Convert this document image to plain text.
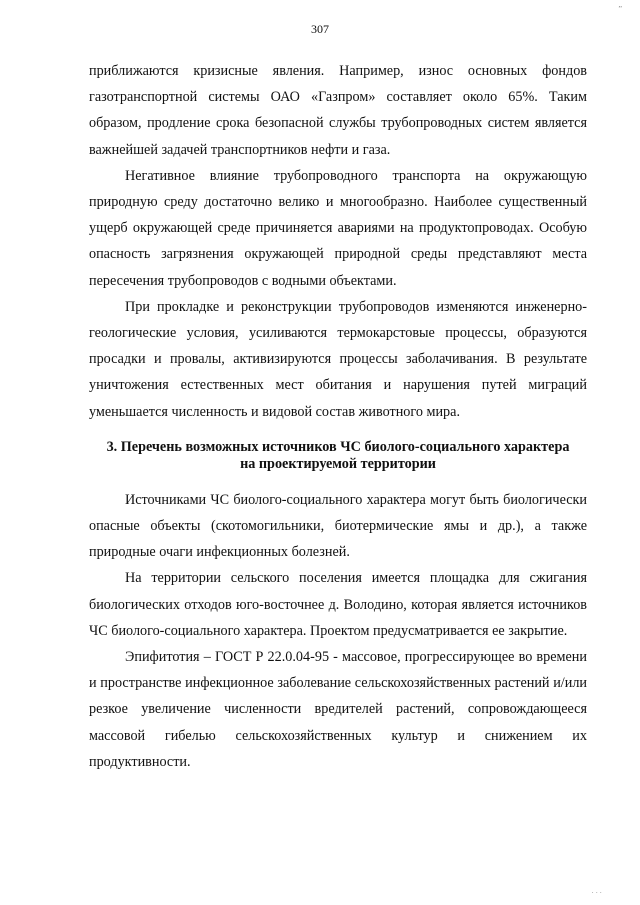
,,
307

приближаются кризисные явления. Например, износ основных фондов газотранспортной системы ОАО «Газпром» составляет около 65%. Таким образом, продление срока безопасной службы трубопроводных систем является важнейшей задачей транспортников нефти и газа.

Негативное влияние трубопроводного транспорта на окружающую природную среду достаточно велико и многообразно. Наиболее существенный ущерб окружающей среде причиняется авариями на продуктопроводах. Особую опасность загрязнения окружающей природной среды представляют места пересечения трубопроводов с водными объектами.

При прокладке и реконструкции трубопроводов изменяются инженерно- геологические условия, усиливаются термокарстовые процессы, образуются просадки и провалы, активизируются процессы заболачивания. В результате уничтожения естественных мест обитания и нарушения путей миграций уменьшается численность и видовой состав животного мира.

3. Перечень возможных источников ЧС биолого-социального характера
на проектируемой территории

Источниками ЧС биолого-социального характера могут быть биологически опасные объекты (скотомогильники, биотермические ямы и др.), а также природные очаги инфекционных болезней.

На территории сельского поселения имеется площадка для сжигания биологических отходов юго-восточнее д. Володино, которая является источников ЧС биолого-социального характера. Проектом предусматривается ее закрытие.

Эпифитотия – ГОСТ Р 22.0.04-95 - массовое, прогрессирующее во времени и пространстве инфекционное заболевание сельскохозяйственных растений и/или резкое увеличение численности вредителей растений, сопровождающееся массовой гибелью сельскохозяйственных культур и снижением их продуктивности.

· · ·
